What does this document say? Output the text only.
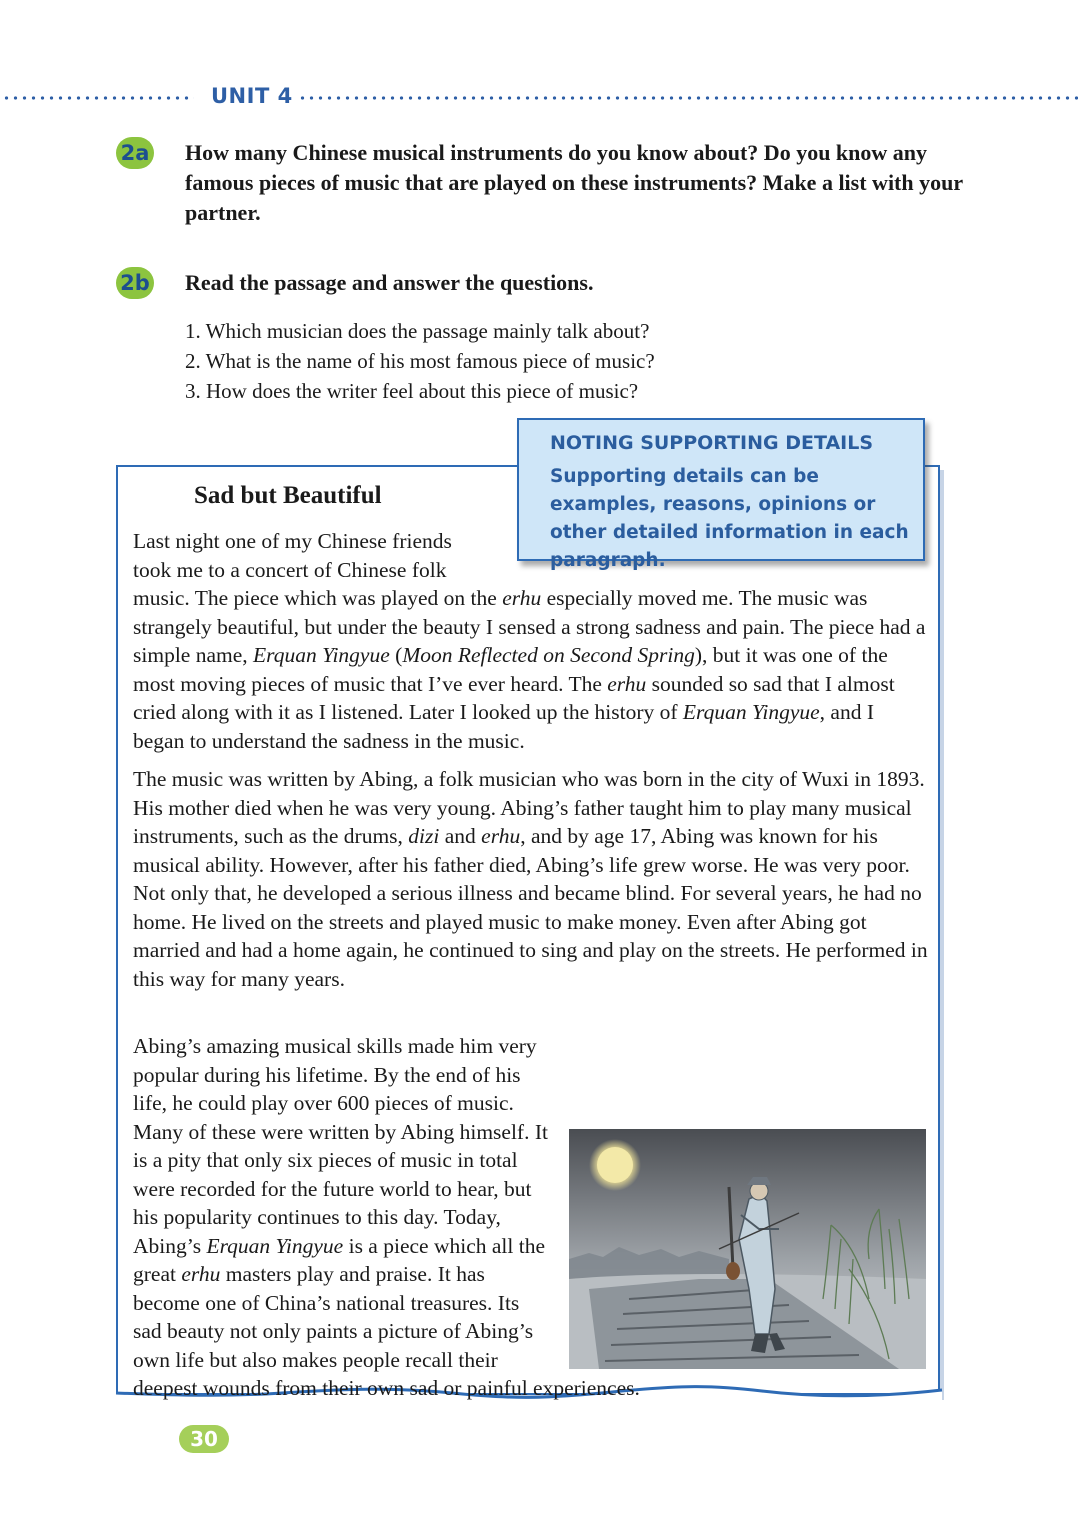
UNIT 4
2a How many Chinese musical instruments do you know about? Do you know any famous pieces of music that are played on these instruments? Make a list with your partner.
2b Read the passage and answer the questions.
1. Which musician does the passage mainly talk about?
2. What is the name of his most famous piece of music?
3. How does the writer feel about this piece of music?
Sad but Beautiful

Last night one of my Chinese friends took me to a concert of Chinese folk music. The piece which was played on the erhu especially moved me. The music was strangely beautiful, but under the beauty I sensed a strong sadness and pain. The piece had a simple name, Erquan Yingyue (Moon Reflected on Second Spring), but it was one of the most moving pieces of music that I’ve ever heard. The erhu sounded so sad that I almost cried along with it as I listened. Later I looked up the history of Erquan Yingyue, and I began to understand the sadness in the music.

The music was written by Abing, a folk musician who was born in the city of Wuxi in 1893. His mother died when he was very young. Abing’s father taught him to play many musical instruments, such as the drums, dizi and erhu, and by age 17, Abing was known for his musical ability. However, after his father died, Abing’s life grew worse. He was very poor. Not only that, he developed a serious illness and became blind. For several years, he had no home. He lived on the streets and played music to make money. Even after Abing got married and had a home again, he continued to sing and play on the streets. He performed in this way for many years.

Abing’s amazing musical skills made him very popular during his lifetime. By the end of his life, he could play over 600 pieces of music. Many of these were written by Abing himself. It is a pity that only six pieces of music in total were recorded for the future world to hear, but his popularity continues to this day. Today, Abing’s Erquan Yingyue is a piece which all the great erhu masters play and praise. It has become one of China’s national treasures. Its sad beauty not only paints a picture of Abing’s own life but also makes people recall their deepest wounds from their own sad or painful experiences.

NOTING SUPPORTING DETAILS
Supporting details can be examples, reasons, opinions or other detailed information in each paragraph.
30
